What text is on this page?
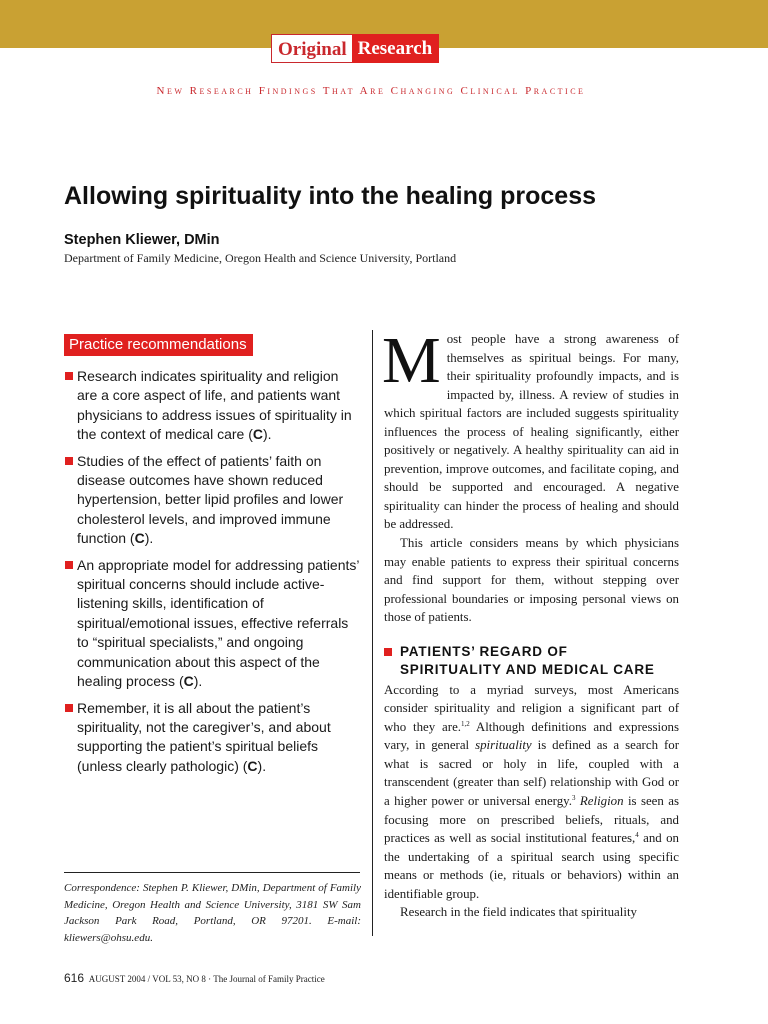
Original Research
New Research Findings That Are Changing Clinical Practice
Allowing spirituality into the healing process
Stephen Kliewer, DMin
Department of Family Medicine, Oregon Health and Science University, Portland
Practice recommendations
Research indicates spirituality and religion are a core aspect of life, and patients want physicians to address issues of spirituality in the context of medical care (C).
Studies of the effect of patients’ faith on disease outcomes have shown reduced hypertension, better lipid profiles and lower cholesterol levels, and improved immune function (C).
An appropriate model for addressing patients’ spiritual concerns should include active-listening skills, identification of spiritual/emotional issues, effective referrals to “spiritual specialists,” and ongoing communication about this aspect of the healing process (C).
Remember, it is all about the patient’s spirituality, not the caregiver’s, and about supporting the patient’s spiritual beliefs (unless clearly pathologic) (C).
Correspondence: Stephen P. Kliewer, DMin, Department of Family Medicine, Oregon Health and Science University, 3181 SW Sam Jackson Park Road, Portland, OR 97201. E-mail: kliewers@ohsu.edu.

Most people have a strong awareness of themselves as spiritual beings. For many, their spirituality profoundly impacts, and is impacted by, illness. A review of studies in which spiritual factors are included suggests spirituality influences the process of healing significantly, either positively or negatively. A healthy spirituality can aid in prevention, improve outcomes, and facilitate coping, and should be supported and encouraged. A negative spirituality can hinder the process of healing and should be addressed.

This article considers means by which physicians may enable patients to express their spiritual concerns and find support for them, without stepping over professional boundaries or imposing personal views on those of patients.

PATIENTS’ REGARD OF
SPIRITUALITY AND MEDICAL CARE

According to a myriad surveys, most Americans consider spirituality and religion a significant part of who they are.$^{1,2}$ Although definitions and expressions vary, in general spirituality is defined as a search for what is sacred or holy in life, coupled with a transcendent (greater than self) relationship with God or a higher power or universal energy.$^3$ Religion is seen as focusing more on prescribed beliefs, rituals, and practices as well as social institutional features,$^4$ and on the undertaking of a spiritual search using specific means or methods (ie, rituals or behaviors) within an identifiable group.

Research in the field indicates that spirituality

616 AUGUST 2004 / VOL 53, NO 8 · The Journal of Family Practice
